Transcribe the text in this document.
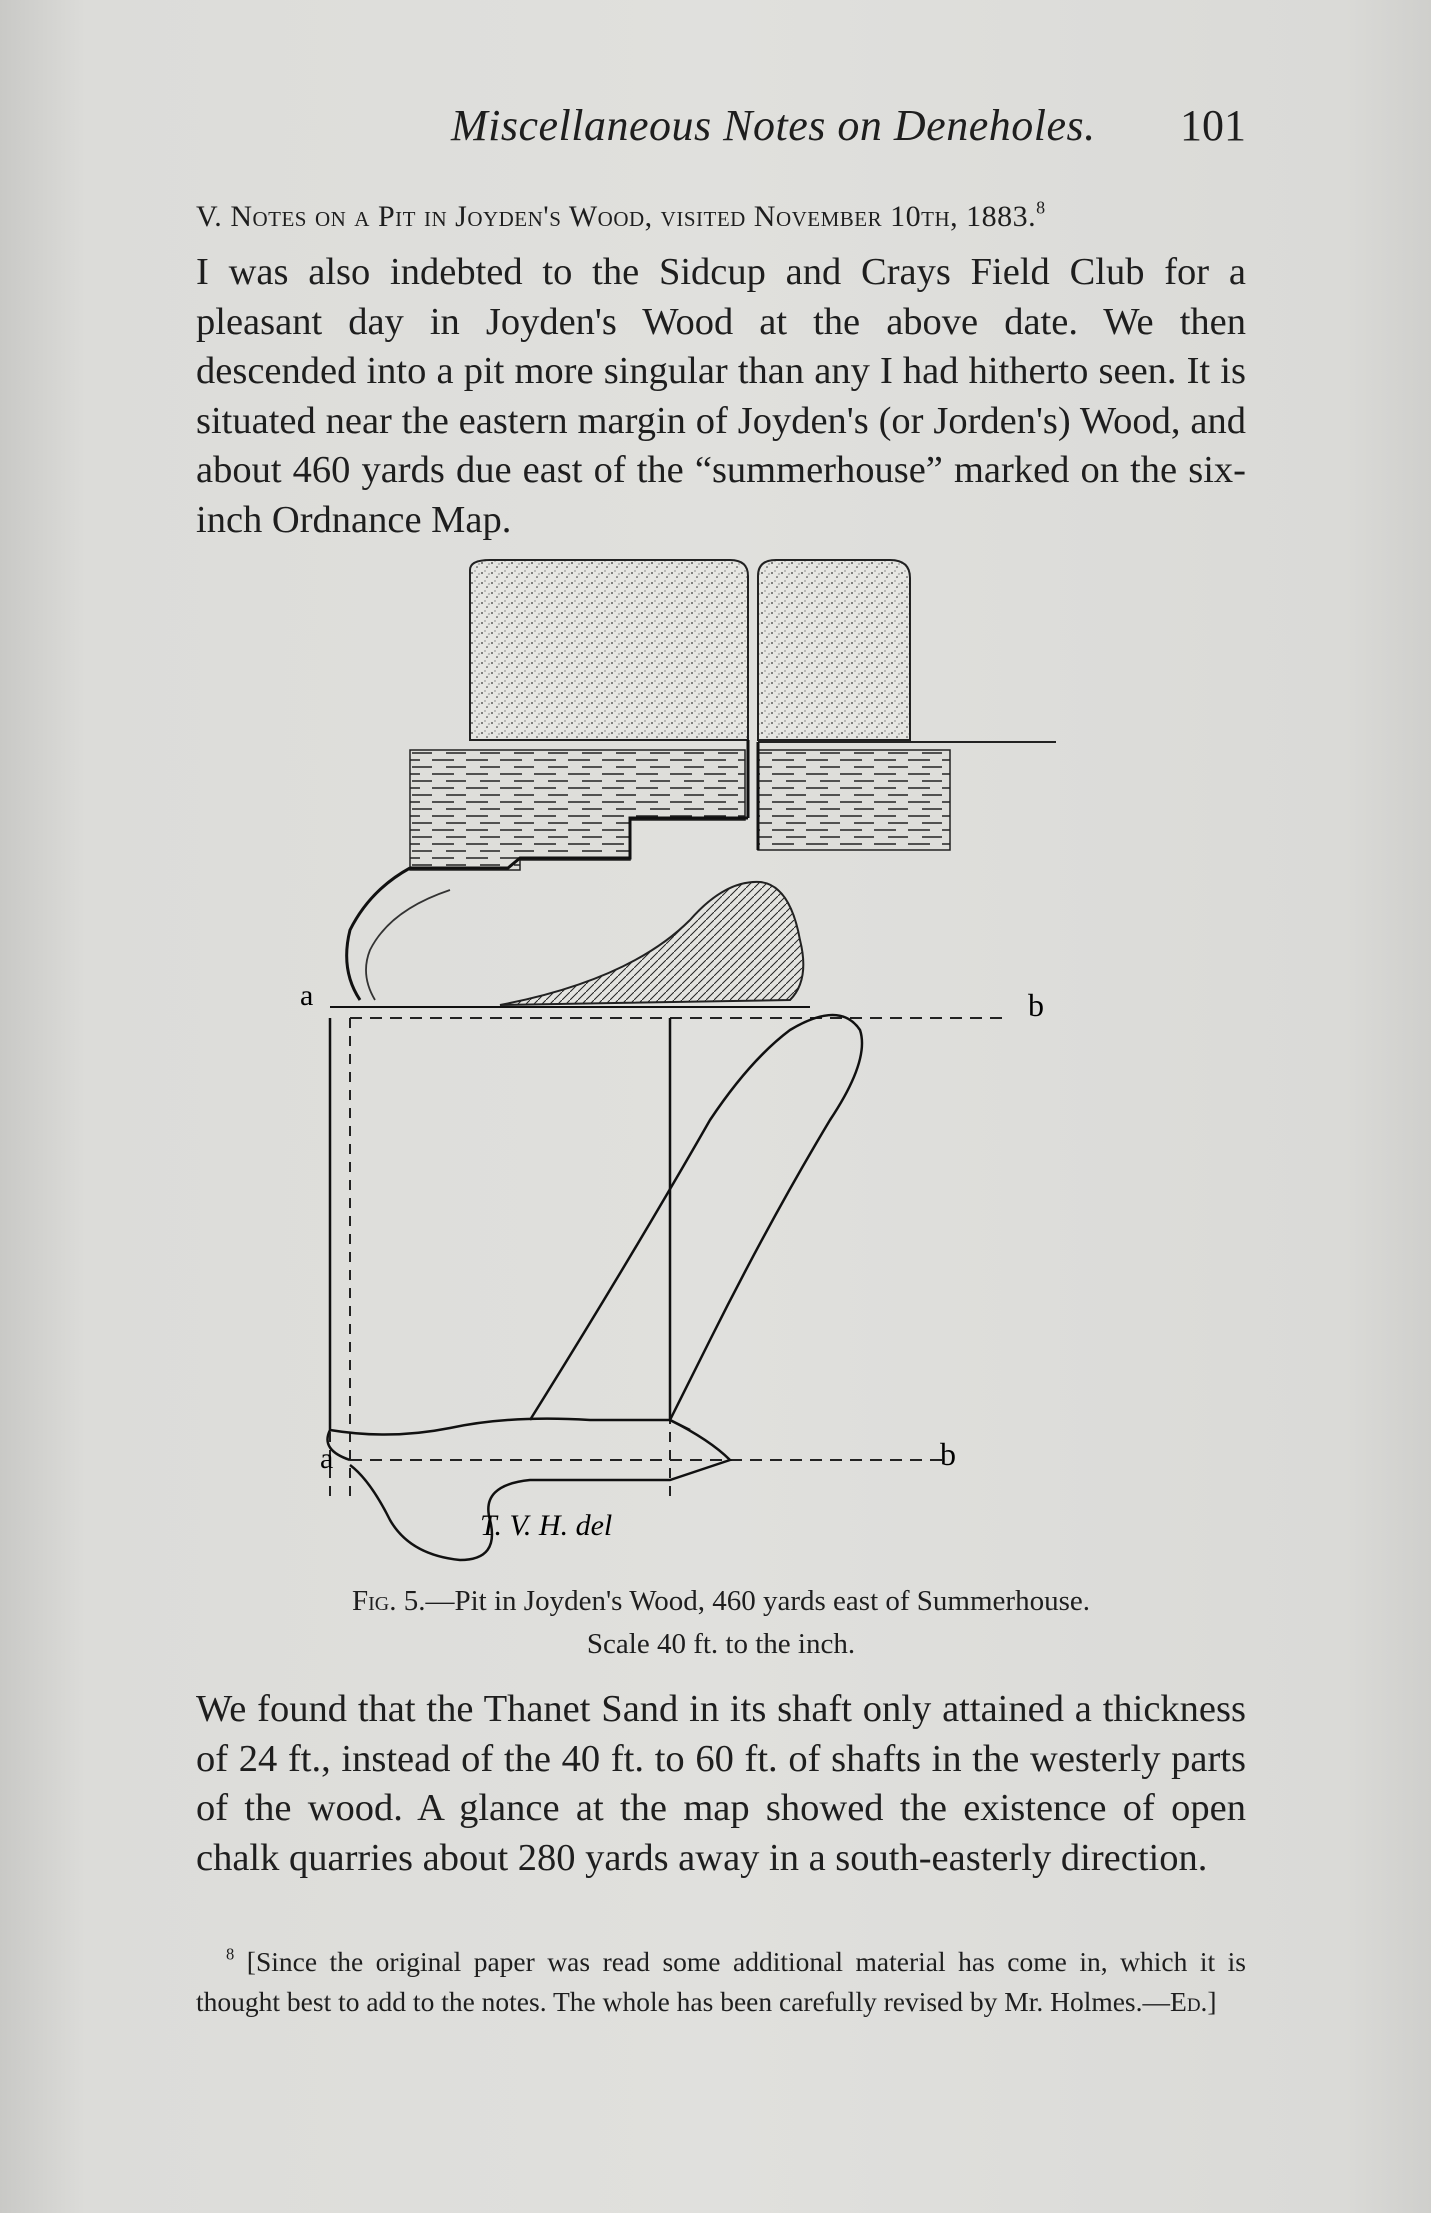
Miscellaneous Notes on Deneholes. 101
V. Notes on a Pit in Joyden's Wood, visited November 10th, 1883.$^8$

I was also indebted to the Sidcup and Crays Field Club for a pleasant day in Joyden's Wood at the above date. We then descended into a pit more singular than any I had hitherto seen. It is situated near the eastern margin of Joyden's (or Jorden's) Wood, and about 460 yards due east of the “summerhouse” marked on the six-inch Ordnance Map.

a	b
a	b
T. V. H. del
Fig. 5.—Pit in Joyden's Wood, 460 yards east of Summerhouse.
Scale 40 ft. to the inch.

We found that the Thanet Sand in its shaft only attained a thickness of 24 ft., instead of the 40 ft. to 60 ft. of shafts in the westerly parts of the wood. A glance at the map showed the existence of open chalk quarries about 280 yards away in a south-easterly direction.

$^8$ [Since the original paper was read some additional material has come in, which it is thought best to add to the notes. The whole has been carefully revised by Mr. Holmes.—Ed.]
